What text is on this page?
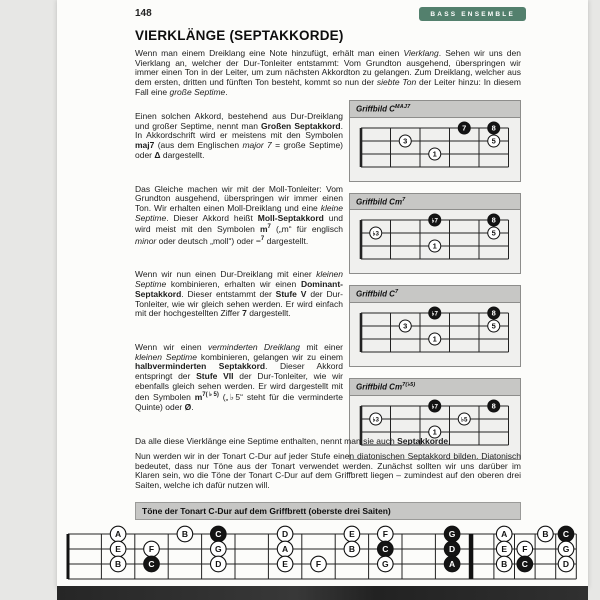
148	BASS ENSEMBLE
VIERKLÄNGE (SEPTAKKORDE)

Wenn man einem Dreiklang eine Note hinzufügt, erhält man einen Vierklang. Sehen wir uns den Vierklang an, welcher der Dur-Tonleiter entstammt: Vom Grundton ausgehend, überspringen wir immer einen Ton in der Leiter, um zum nächsten Akkordton zu gelangen. Zum Dreiklang, welcher aus dem ersten, dritten und fünften Ton besteht, kommt so nun der siebte Ton der Leiter hinzu: In diesem Fall eine große Septime.

Einen solchen Akkord, bestehend aus Dur-Dreiklang und großer Septime, nennt man Großen Septakkord. In Akkordschrift wird er meistens mit den Symbolen maj7 (aus dem Englischen major 7 = große Septime) oder Δ dargestellt.

Das Gleiche machen wir mit der Moll-Tonleiter: Vom Grundton ausgehend, überspringen wir immer einen Ton. Wir erhalten einen Moll-Dreiklang und eine kleine Septime. Dieser Akkord heißt Moll-Septakkord und wird meist mit den Symbolen $m^7$ („m“ für englisch minor oder deutsch „moll“) oder −$^7$ dargestellt.

Wenn wir nun einen Dur-Dreiklang mit einer kleinen Septime kombinieren, erhalten wir einen Dominant-Septakkord. Dieser entstammt der Stufe V der Dur-Tonleiter, wie wir gleich sehen werden. Er wird einfach mit der hochgestellten Ziffer 7 dargestellt.

Wenn wir einen verminderten Dreiklang mit einer kleinen Septime kombinieren, gelangen wir zu einem halbverminderten Septakkord. Dieser Akkord entspringt der Stufe VII der Dur-Tonleiter, wie wir ebenfalls gleich sehen werden. Er wird dargestellt mit den Symbolen $m^{7(♭5)}$ („♭5“ steht für die verminderte Quinte) oder Ø.

Griffbild $C^{MAJ7}$
7	8
3	5
1
Griffbild Cm$^7$
♭7	8
♭3	5
1
Griffbild $C^7$
♭7	8
3	5
1
Griffbild $Cm^{7(♭5)}$
♭7	8
♭3	♭5
1

Da alle diese Vierklänge eine Septime enthalten, nennt man sie auch Septakkorde.

Nun werden wir in der Tonart C-Dur auf jeder Stufe einen diatonischen Septakkord bilden. Diatonisch bedeutet, dass nur Töne aus der Tonart verwendet werden. Zunächst sollten wir uns darüber im Klaren sein, wo die Töne der Tonart C-Dur auf dem Griffbrett liegen – zumindest auf den oberen drei Saiten, welche ich dafür nutzen will.

Töne der Tonart C-Dur auf dem Griffbrett (oberste drei Saiten)
A	B	C	D	E	F	G	A	B C
E	F	G	A	B	C	D	E F	G
B	C	D	E	F	G	A	B C	D
